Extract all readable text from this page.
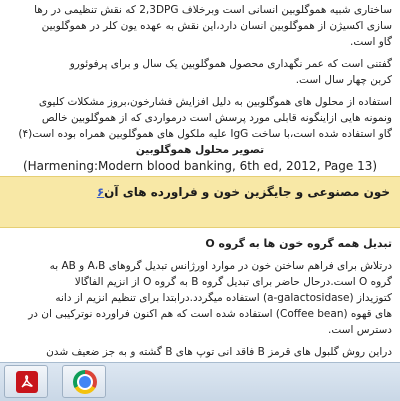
ساختاری شبیه هموگلوبین انسانی است وبرخلاف 2,3DPG که نقش تنظیمی در رها

سازی اکسیژن از هموگلوبین انسان دارد،این نقش به عهده یون کلر در هموگلوبین

گاو است.

گفتنی است که عمر نگهداری محصول هموگلوبین یک سال و برای پرفوئورو

کربن چهار سال است.

استفاده از محلول های هموگلوبین به دلیل افزایش فشارخون،بروز مشکلات کلیوی

ونمونه هایی ازاینگونه قابلی مورد پرسش است درمواردی که از هموگلوبین خالص

گاو استفاده شده است،با ساخت IgG علیه ملکول های هموگلوبین همراه بوده است(۴)

تصویر محلول هموگلوبین

(Harmening:Modern blood banking, 6th ed, 2012, Page 13)

خون مصنوعی و جایگزین خون و فراورده های آن۶

تبدیل همه گروه خون ها به گروه O

درتلاش برای فراهم ساختن خون در موارد اورژانس تبدیل گروهای A،B و AB به

گروه O است.درحال حاضر برای تبدیل گروه B به گروه O از انزیم الفاگالا

کتوزیداز (a-galactosidase) استفاده میگردد.درابتدا برای تنظیم انزیم از دانه

های قهوه (Coffee bean) استفاده شده است که هم اکنون فراورده نوترکیبی ان در

دسترس است.

دراین روش گلبول های قرمز B فاقد انی توپ های B گشته و به جز ضعیف شدن
